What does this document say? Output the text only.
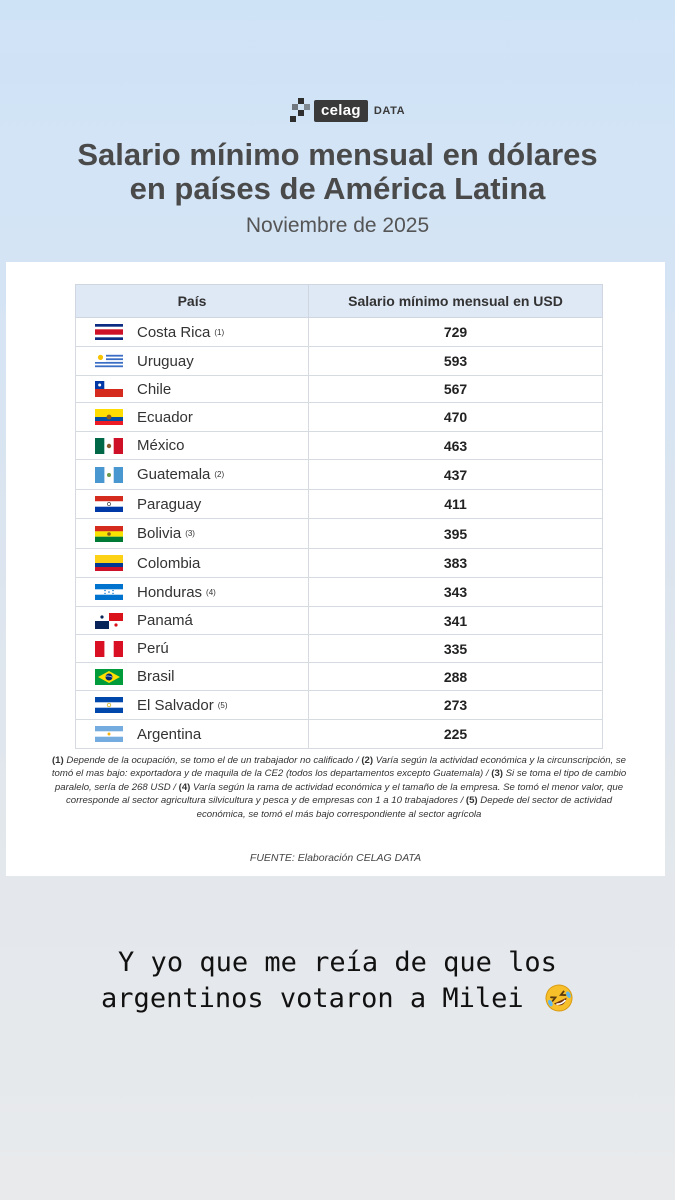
celag	DATA
Salario mínimo mensual en dólares
en países de América Latina

Noviembre de 2025

País	Salario mínimo mensual en USD

Costa Rica (1)	729

Uruguay	593

Chile	567

Ecuador	470

México	463

Guatemala (2)	437

Paraguay	411

Bolivia (3)	395

Colombia	383

Honduras (4)	343

Panamá	341

Perú	335

Brasil	288

El Salvador (5)	273

Argentina	225

(1) Depende de la ocupación, se tomo el de un trabajador no calificado / (2) Varía según la actividad económica y la circunscripción, se tomó el mas bajo: exportadora y de maquila de la CE2 (todos los departamentos excepto Guatemala) / (3) Si se toma el tipo de cambio paralelo, sería de 268 USD / (4) Varía según la rama de actividad económica y el tamaño de la empresa. Se tomó el menor valor, que corresponde al sector agricultura silvicultura y pesca y de empresas con 1 a 10 trabajadores / (5) Depede del sector de actividad económica, se tomó el más bajo correspondiente al sector agrícola

FUENTE: Elaboración CELAG DATA

Y yo que me reía de que los
argentinos votaron a Milei
